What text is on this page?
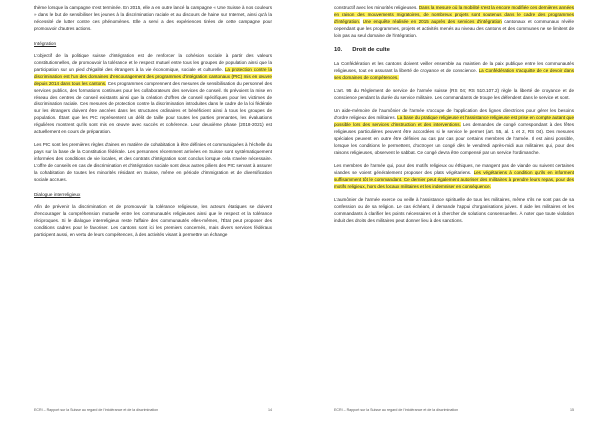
thème lorsque la campagne s'est terminée. En 2015, elle a en outre lancé la campagne « Une Suisse à nos couleurs » dans le but de sensibiliser les jeunes à la discrimination raciale et au discours de haine sur Internet, ainsi qu'à la nécessité de lutter contre ces phénomènes. Elle a servi a des expériences tirées de cette campagne pour promouvoir d'autres actions.

Intégration

L'objectif de la politique suisse d'intégration est de renforcer la cohésion sociale à partir des valeurs constitutionnelles, de promouvoir la tolérance et le respect mutuel entre tous les groupes de population ainsi que la participation sur un pied d'égalité des étrangers à la vie économique, sociale et culturelle. La protection contre la discrimination est l'un des domaines d'encouragement des programmes d'intégration cantonaux (PIC) mis en œuvre depuis 2014 dans tous les cantons. Ces programmes comprennent des mesures de sensibilisation du personnel des services publics, des formations continues pour les collaborateurs des services de conseil. Ils prévoient la mise en réseau des centres de conseil existants ainsi que la création d'offres de conseil spécifiques pour les victimes de discrimination raciale. Ces mesures de protection contre la discrimination introduites dans le cadre de la loi fédérale sur les étrangers doivent être ancrées dans les structures ordinaires et bénéficient ainsi à tous les groupes de population. Étant que les PIC représentent un délit de taille pour toutes les parties prenantes, les évaluations régulières montrent qu'ils sont mis en œuvre avec succès et cohérence. Leur deuxième phase (2018-2021) est actuellement en cours de préparation.

Les PIC sont les premières règles d'aines en matière de cohabitation à être définies et communiquées à l'échelle du pays sur la base de la Constitution fédérale. Les personnes récemment arrivées en Suisse sont systématiquement informées des conditions de vie locales, et des contrats d'intégration sont conclus lorsque cela s'avère nécessaire. L'offre de conseils en cas de discrimination et d'intégration sociale sont deux autres piliers des PIC servant à assurer la cohabitation de toutes les minorités résidant en Suisse, même en période d'immigration et de diversification sociale accrues.

Dialogue interreligieux

Afin de prévenir la discrimination et de promouvoir la tolérance religieuse, les acteurs étatiques se doivent d'encourager la compréhension mutuelle entre les communautés religieuses ainsi que le respect et la tolérance réciproques. Si le dialogue interreligieux reste l'affaire des communautés elles-mêmes, l'État peut proposer des conditions cadres pour le favoriser. Les cantons sont ici les premiers concernés, mais divers services fédéraux participent aussi, en vertu de leurs compétences, à des activités visant à permettre un échange

ECRI – Rapport sur la Suisse au regard de l'intolérance et de la discrimination	14

constructif avec les minorités religieuses. Dans la mesure où la mobilité s'est la encore modifiée ces dernières années en raison des mouvements migratoires, de nombreux projets sont soutenus dans le cadre des programmes d'intégration. Une enquête réalisée en 2015 auprès des services d'intégration cantonaux et communaux révèle cependant que les programmes, projets et activités menés au niveau des cantons et des communes ne se limitent de loin pas au seul domaine de l'intégration.

10. Droit de culte

La Confédération et les cantons doivent veiller ensemble au maintien de la paix publique entre les communautés religieuses, tout en assurant la liberté de croyance et de conscience. La Confédération s'acquitte de ce devoir dans ses domaines de compétences.

L'art. 95 du Règlement de service de l'armée suisse (RS 04; RS 510.107.2) règle la liberté de croyance et de conscience pendant la durée du service militaire. Les commandants de troupe les défendent dans le service et sont.

Un aide-mémoire de l'aumônier de l'armée s'occupe de l'application des lignes directrices pour gérer les besoins d'ordre religieux des militaires. La base du pratique religieuse et l'assistance religieuse est prise en compte autant que possible lors des services d'instruction et des interventions. Les demandes de congé correspondant à des fêtes religieuses particulières peuvent être accordées si le service le permet (art. 55, al. 1 et 2, RS 04). Des mesures spéciales peuvent en outre être définies au cas par cas pour certains membres de l'armée. Il est ainsi possible, lorsque les conditions le permettent, d'octroyer un congé dès le vendredi après-midi aux militaires qui, pour des raisons religieuses, observent le sabbat. Ce congé devra être compensé par un service l'ordimanche.

Les membres de l'armée qui, pour des motifs religieux ou éthiques, ne mangent pas de viande ou suivent certaines viandes se voient généralement proposer des plats végétariens. Les végétariens à condition qu'ils en informent suffisamment tôt le commandant. Ce dernier peut également autoriser des militaires à prendre leurs repas, pour des motifs religieux, hors des locaux militaires et les indemniser en conséquence.

L'aumônier de l'armée exerce ou veille à l'assistance spirituelle de tous les militaires, même s'ils ne sont pas de sa confession ou de sa religion. Le cas échéant, il demande l'appui d'organisations juives. Il aide les militaires et les commandants à clarifier les points nécessaires et à chercher de solutions consensuelles. À noter que toute violation induit des droits des militaires peut donner lieu à des sanctions.

ECRI – Rapport sur la Suisse au regard de l'intolérance et de la discrimination	15
